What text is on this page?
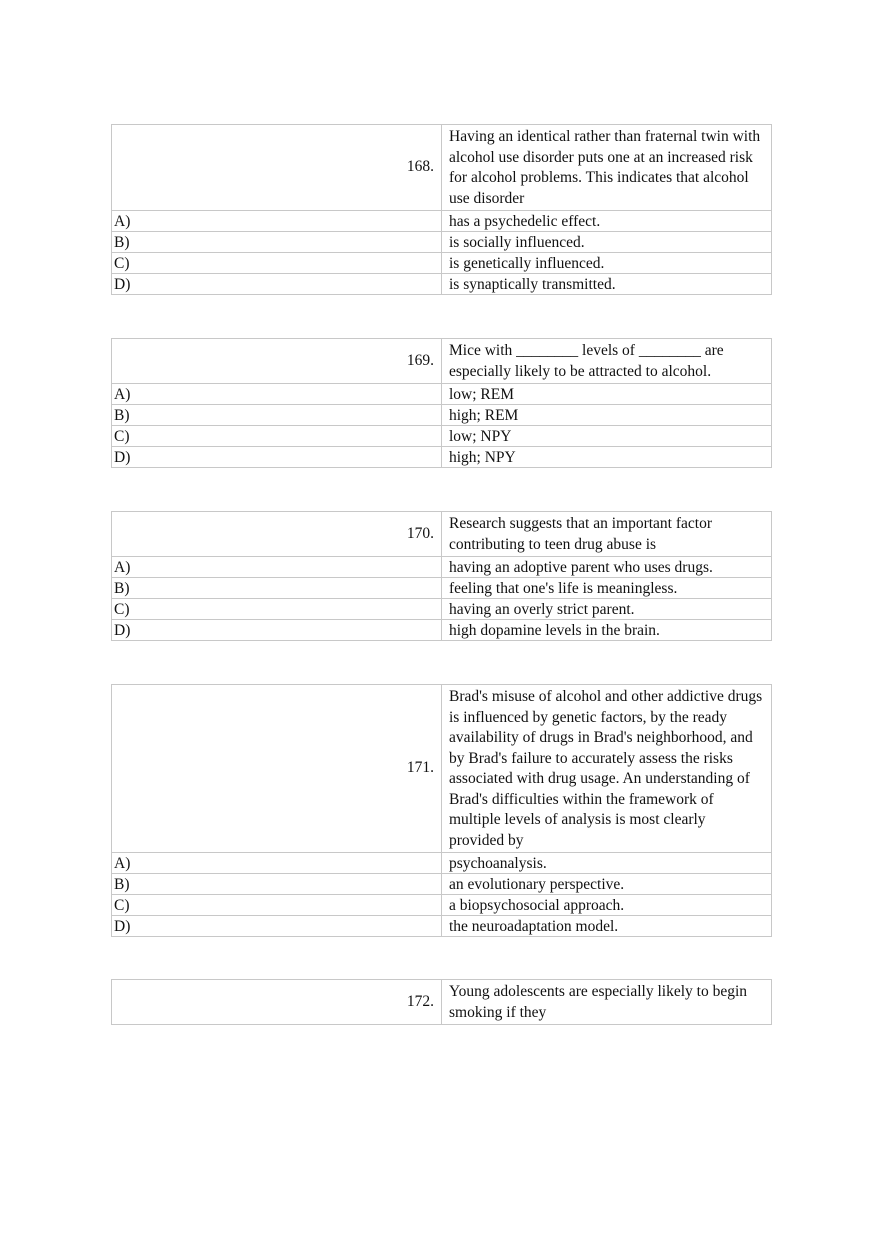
168.	Having an identical rather than fraternal twin with alcohol use disorder puts one at an increased risk for alcohol problems. This indicates that alcohol use disorder
A)	has a psychedelic effect.
B)	is socially influenced.
C)	is genetically influenced.
D)	is synaptically transmitted.
169.	Mice with ________ levels of ________ are especially likely to be attracted to alcohol.
A)	low; REM
B)	high; REM
C)	low; NPY
D)	high; NPY
170.	Research suggests that an important factor contributing to teen drug abuse is
A)	having an adoptive parent who uses drugs.
B)	feeling that one's life is meaningless.
C)	having an overly strict parent.
D)	high dopamine levels in the brain.
171.	Brad's misuse of alcohol and other addictive drugs is influenced by genetic factors, by the ready availability of drugs in Brad's neighborhood, and by Brad's failure to accurately assess the risks associated with drug usage. An understanding of Brad's difficulties within the framework of multiple levels of analysis is most clearly provided by
A)	psychoanalysis.
B)	an evolutionary perspective.
C)	a biopsychosocial approach.
D)	the neuroadaptation model.
172.	Young adolescents are especially likely to begin smoking if they
